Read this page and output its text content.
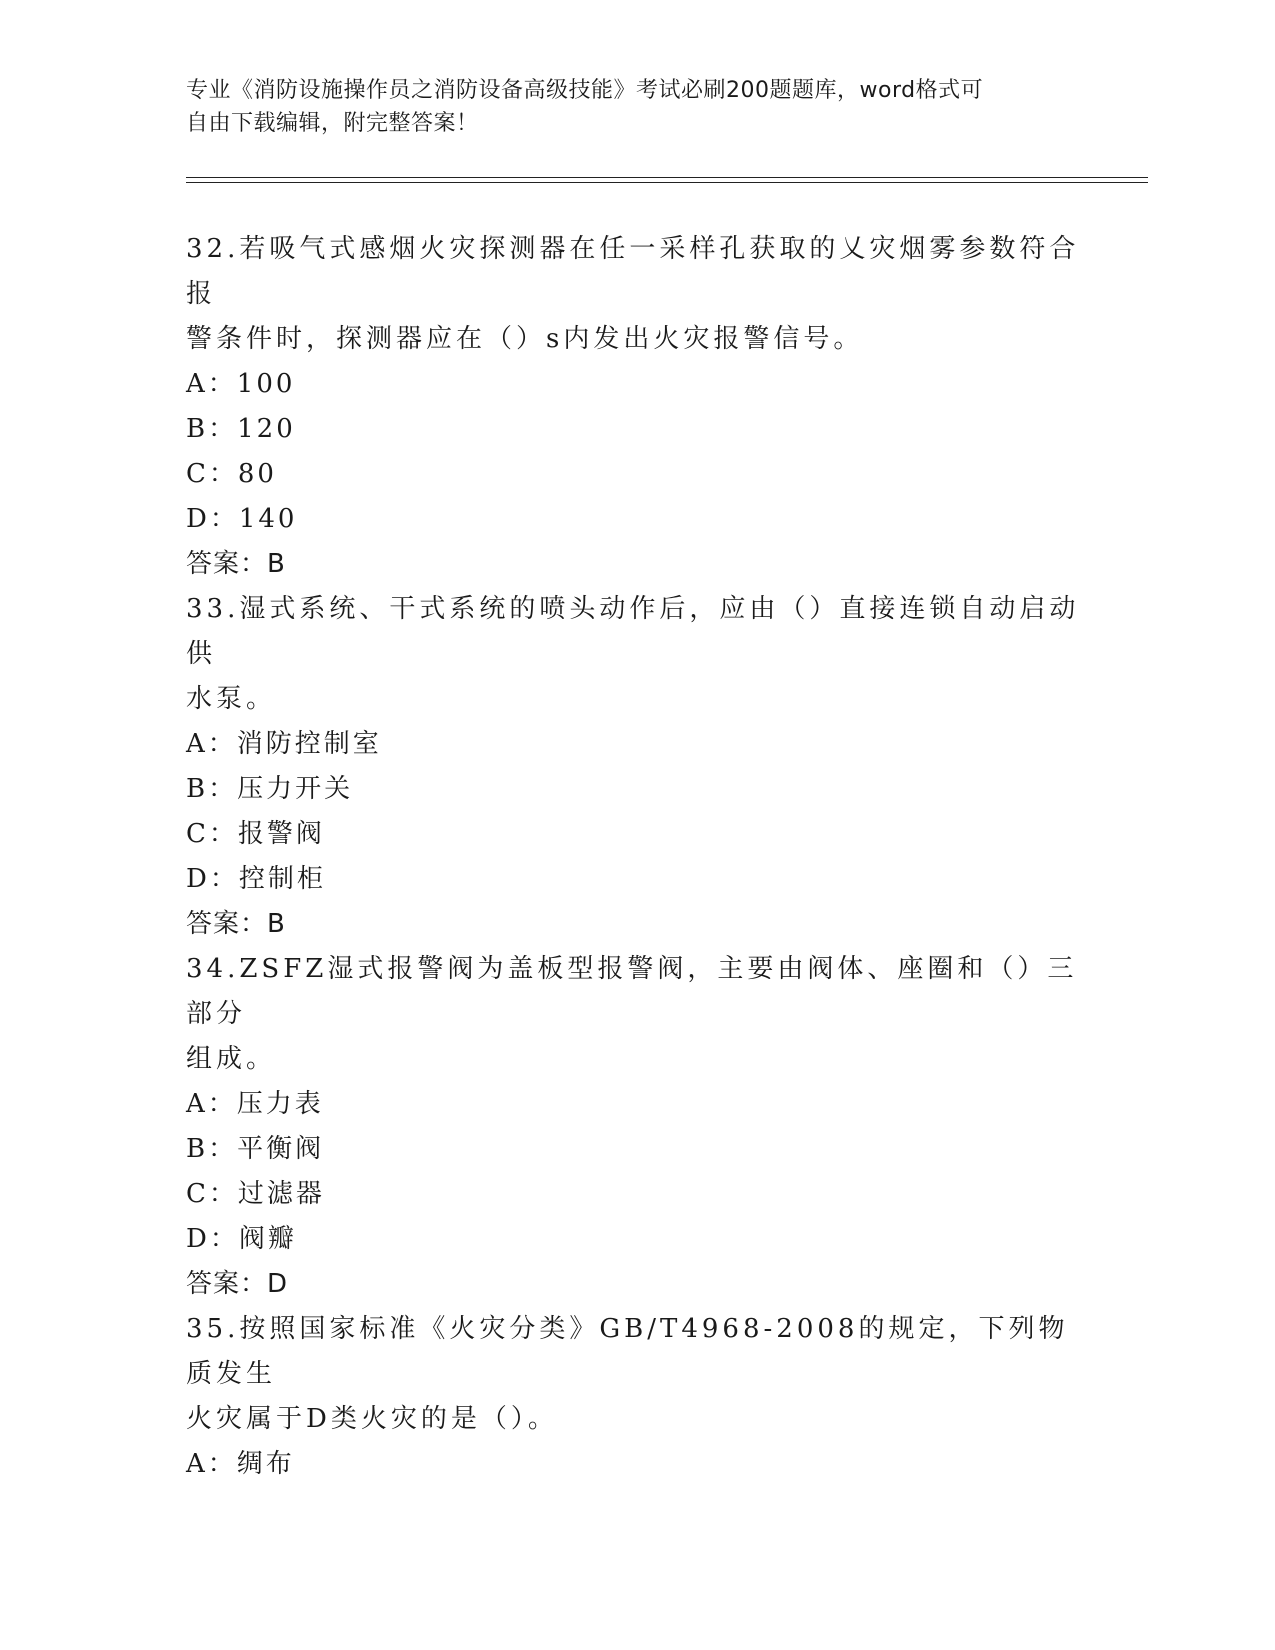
专业《消防设施操作员之消防设备高级技能》考试必刷200题题库，word格式可
自由下载编辑，附完整答案！
32.若吸气式感烟火灾探测器在任一采样孔获取的乂灾烟雾参数符合报
警条件时，探测器应在（）s内发出火灾报警信号。
A：100
B：120
C：80
D：140
答案：B
33.湿式系统、干式系统的喷头动作后，应由（）直接连锁自动启动供
水泵。
A：消防控制室
B：压力开关
C：报警阀
D：控制柜
答案：B
34.ZSFZ湿式报警阀为盖板型报警阀，主要由阀体、座圈和（）三部分
组成。
A：压力表
B：平衡阀
C：过滤器
D：阀瓣
答案：D
35.按照国家标准《火灾分类》GB/T4968-2008的规定，下列物质发生
火灾属于D类火灾的是（）。
A：绸布
